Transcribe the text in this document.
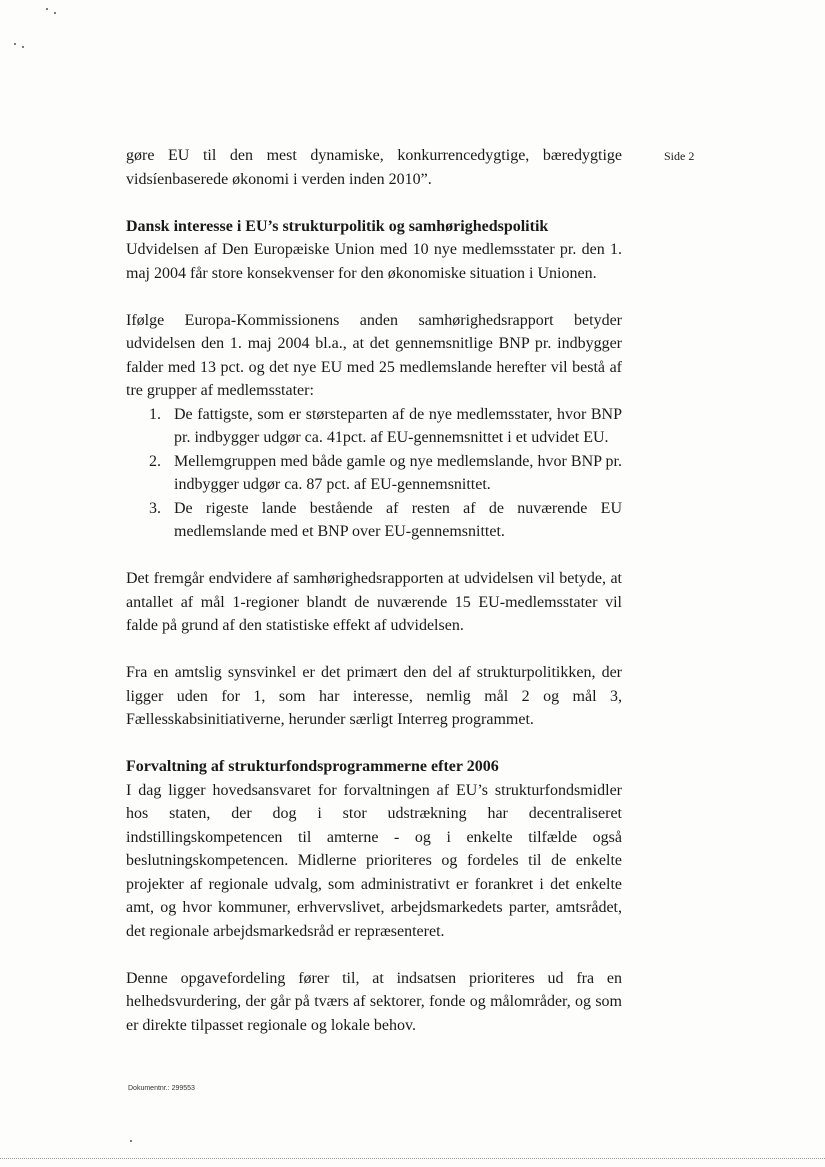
Side 2

gøre EU til den mest dynamiske, konkurrencedygtige, bæredygtige vidsíenbaserede økonomi i verden inden 2010”.

Dansk interesse i EU’s strukturpolitik og samhørighedspolitik

Udvidelsen af Den Europæiske Union med 10 nye medlemsstater pr. den 1. maj 2004 får store konsekvenser for den økonomiske situation i Unionen.

Ifølge Europa-Kommissionens anden samhørighedsrapport betyder udvidelsen den 1. maj 2004 bl.a., at det gennemsnitlige BNP pr. indbygger falder med 13 pct. og det nye EU med 25 medlemslande herefter vil bestå af tre grupper af medlemsstater:

1. De fattigste, som er størsteparten af de nye medlemsstater, hvor BNP pr. indbygger udgør ca. 41pct. af EU-gennemsnittet i et udvidet EU.
2. Mellemgruppen med både gamle og nye medlemslande, hvor BNP pr. indbygger udgør ca. 87 pct. af EU-gennemsnittet.
3. De rigeste lande bestående af resten af de nuværende EU medlemslande med et BNP over EU-gennemsnittet.

Det fremgår endvidere af samhørighedsrapporten at udvidelsen vil betyde, at antallet af mål 1-regioner blandt de nuværende 15 EU-medlemsstater vil falde på grund af den statistiske effekt af udvidelsen.

Fra en amtslig synsvinkel er det primært den del af strukturpolitikken, der ligger uden for 1, som har interesse, nemlig mål 2 og mål 3, Fællesskabsinitiativerne, herunder særligt Interreg programmet.

Forvaltning af strukturfondsprogrammerne efter 2006

I dag ligger hovedsansvaret for forvaltningen af EU’s strukturfondsmidler hos staten, der dog i stor udstrækning har decentraliseret indstillingskompetencen til amterne - og i enkelte tilfælde også beslutningskompetencen. Midlerne prioriteres og fordeles til de enkelte projekter af regionale udvalg, som administrativt er forankret i det enkelte amt, og hvor kommuner, erhvervslivet, arbejdsmarkedets parter, amtsrådet, det regionale arbejdsmarkedsråd er repræsenteret.

Denne opgavefordeling fører til, at indsatsen prioriteres ud fra en helhedsvurdering, der går på tværs af sektorer, fonde og målområder, og som er direkte tilpasset regionale og lokale behov.

Dokumentnr.: 299553
